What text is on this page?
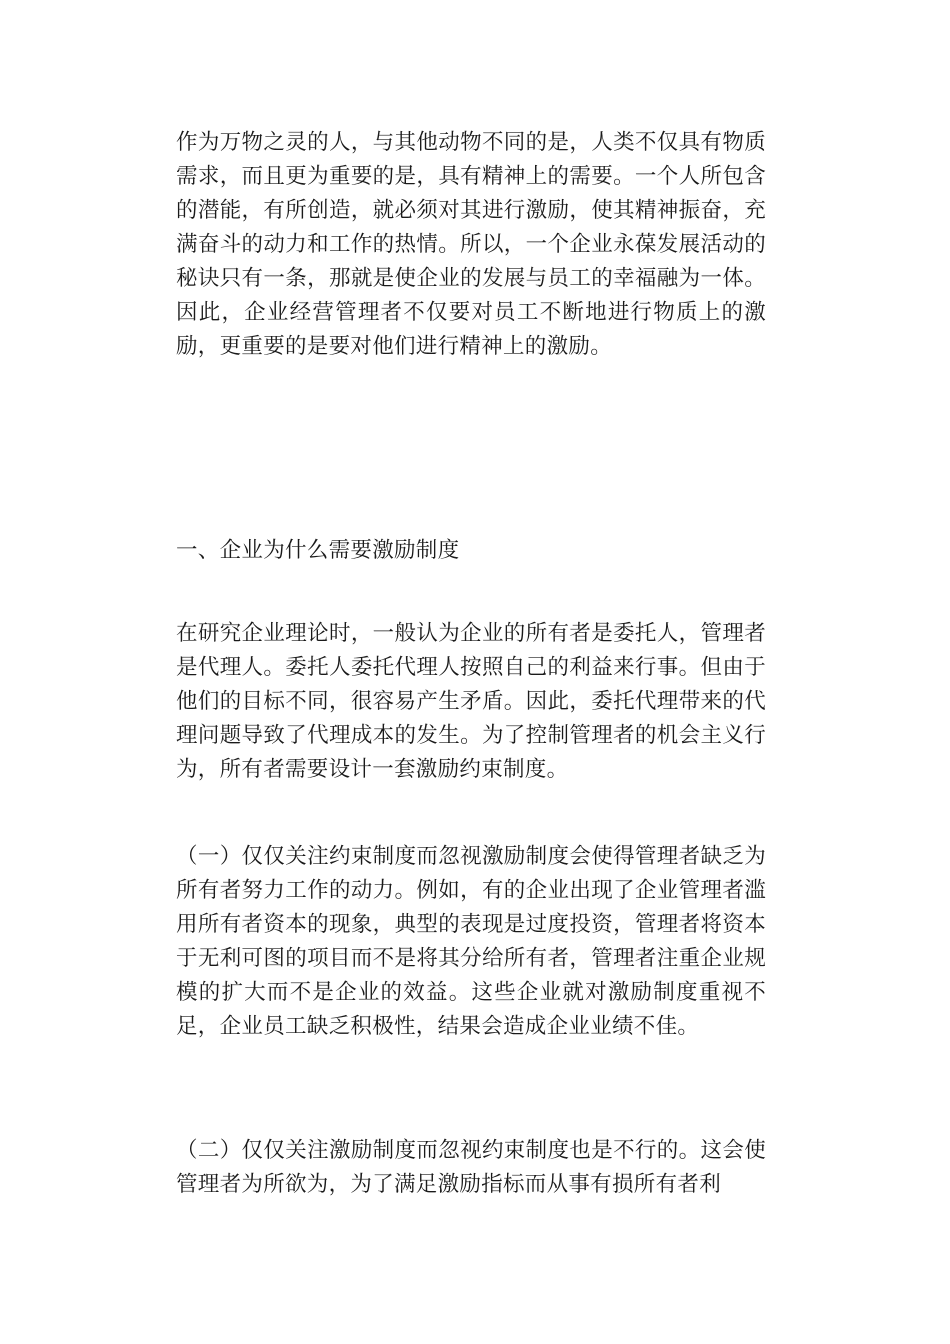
作为万物之灵的人，与其他动物不同的是，人类不仅具有物质需求，而且更为重要的是，具有精神上的需要。一个人所包含的潜能，有所创造，就必须对其进行激励，使其精神振奋，充满奋斗的动力和工作的热情。所以，一个企业永葆发展活动的秘诀只有一条，那就是使企业的发展与员工的幸福融为一体。因此，企业经营管理者不仅要对员工不断地进行物质上的激励，更重要的是要对他们进行精神上的激励。

一、企业为什么需要激励制度

在研究企业理论时，一般认为企业的所有者是委托人，管理者是代理人。委托人委托代理人按照自己的利益来行事。但由于他们的目标不同，很容易产生矛盾。因此，委托代理带来的代理问题导致了代理成本的发生。为了控制管理者的机会主义行为，所有者需要设计一套激励约束制度。

（一）仅仅关注约束制度而忽视激励制度会使得管理者缺乏为所有者努力工作的动力。例如，有的企业出现了企业管理者滥用所有者资本的现象，典型的表现是过度投资，管理者将资本于无利可图的项目而不是将其分给所有者，管理者注重企业规模的扩大而不是企业的效益。这些企业就对激励制度重视不足，企业员工缺乏积极性，结果会造成企业业绩不佳。

（二）仅仅关注激励制度而忽视约束制度也是不行的。这会使管理者为所欲为，为了满足激励指标而从事有损所有者利
